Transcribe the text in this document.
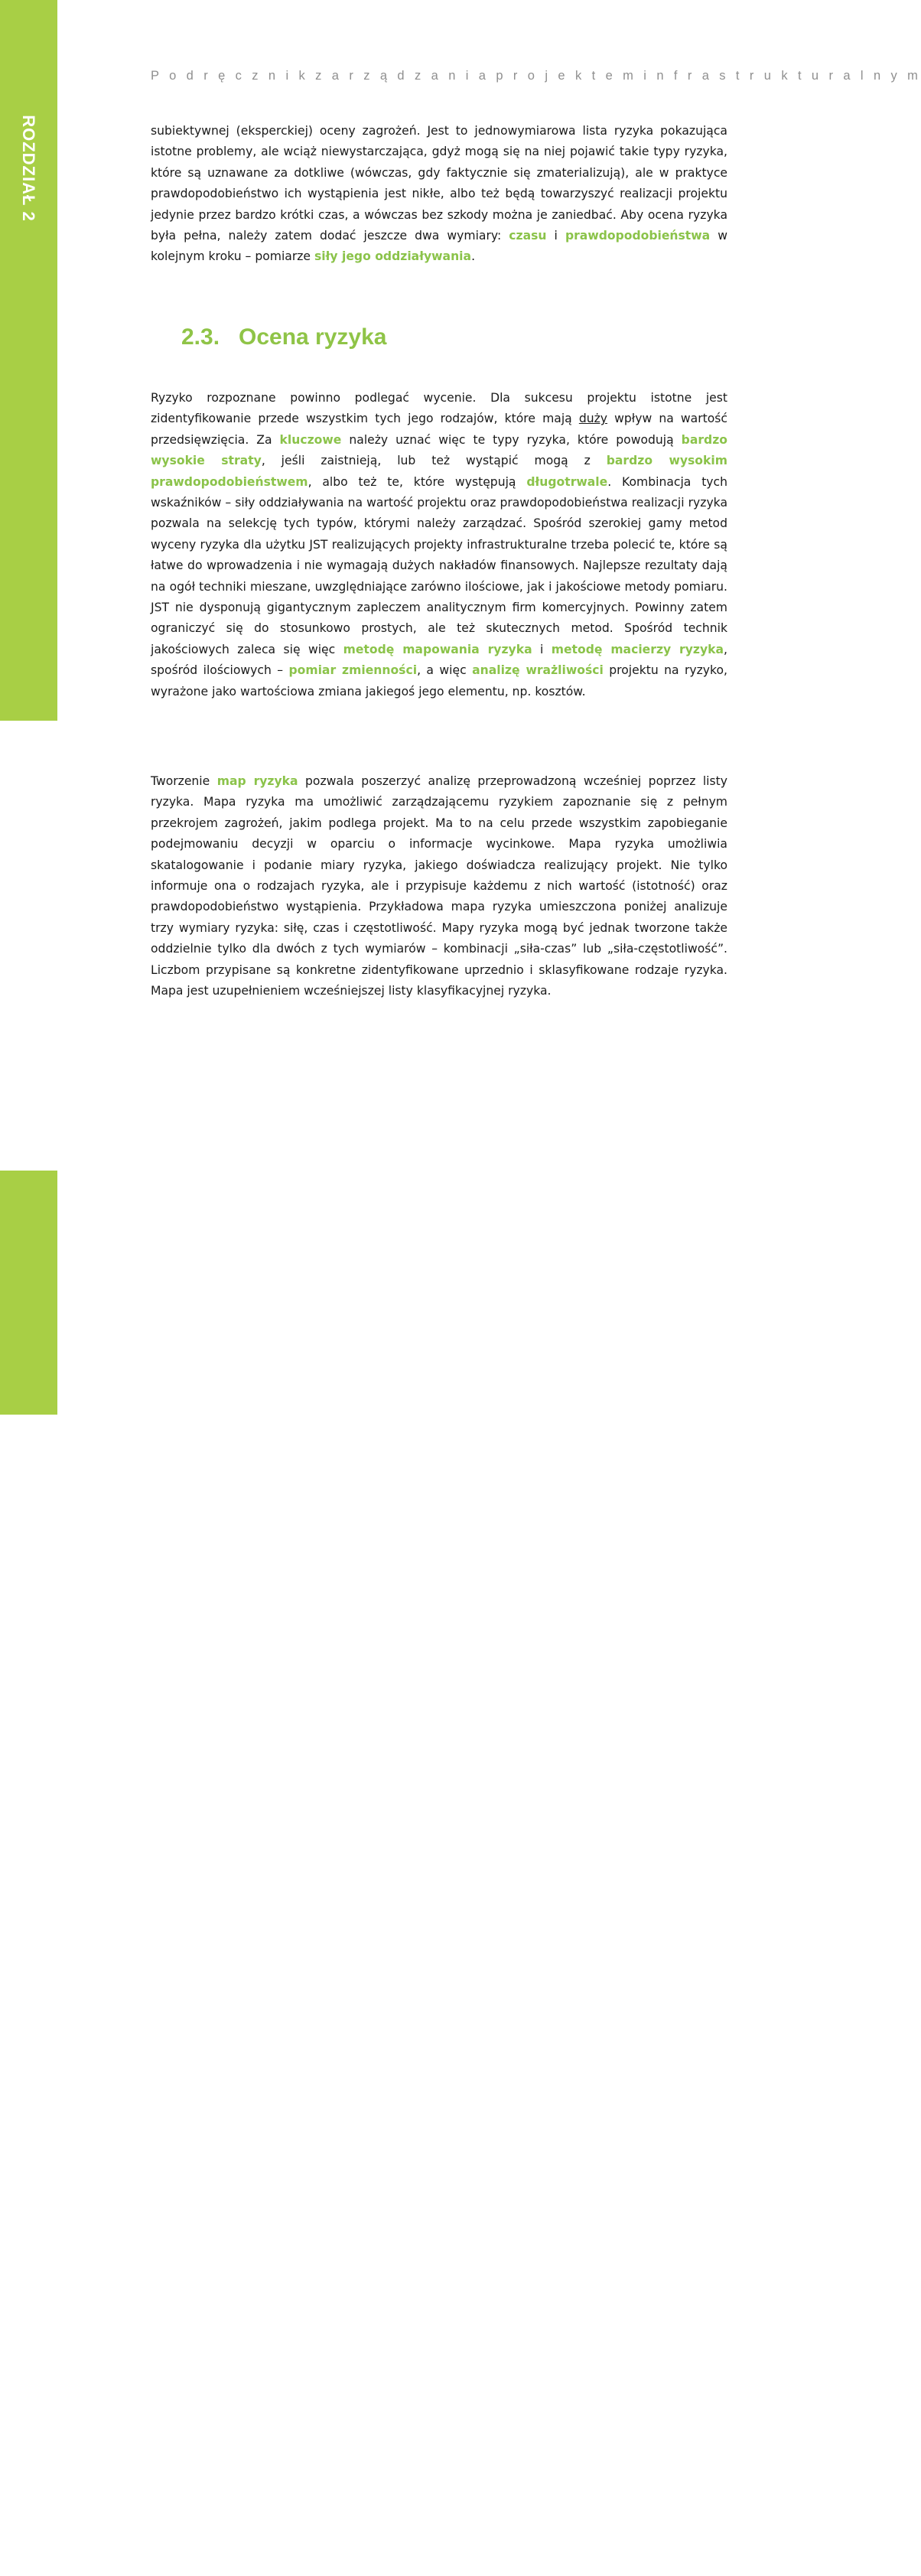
ROZDZIAŁ 2
S t r o n a
|
40
P o d r ę c z n i k z a r z ą d z a n i a p r o j e k t e m i n f r a s t r u k t u r a l n y m

subiektywnej (eksperckiej) oceny zagrożeń. Jest to jednowymiarowa lista ryzyka pokazująca istotne problemy, ale wciąż niewystarczająca, gdyż mogą się na niej pojawić takie typy ryzyka, które są uznawane za dotkliwe (wówczas, gdy faktycznie się zmaterializują), ale w praktyce prawdopodobieństwo ich wystąpienia jest nikłe, albo też będą towarzyszyć realizacji projektu jedynie przez bardzo krótki czas, a wówczas bez szkody można je zaniedbać. Aby ocena ryzyka była pełna, należy zatem dodać jeszcze dwa wymiary: czasu i prawdopodobieństwa w kolejnym kroku – pomiarze siły jego oddziaływania.

2.3. Ocena ryzyka

Ryzyko rozpoznane powinno podlegać wycenie. Dla sukcesu projektu istotne jest zidentyfikowanie przede wszystkim tych jego rodzajów, które mają duży wpływ na wartość przedsięwzięcia. Za kluczowe należy uznać więc te typy ryzyka, które powodują bardzo wysokie straty, jeśli zaistnieją, lub też wystąpić mogą z bardzo wysokim prawdopodobieństwem, albo też te, które występują długotrwale. Kombinacja tych wskaźników – siły oddziaływania na wartość projektu oraz prawdopodobieństwa realizacji ryzyka pozwala na selekcję tych typów, którymi należy zarządzać. Spośród szerokiej gamy metod wyceny ryzyka dla użytku JST realizujących projekty infrastrukturalne trzeba polecić te, które są łatwe do wprowadzenia i nie wymagają dużych nakładów finansowych. Najlepsze rezultaty dają na ogół techniki mieszane, uwzględniające zarówno ilościowe, jak i jakościowe metody pomiaru. JST nie dysponują gigantycznym zapleczem analitycznym firm komercyjnych. Powinny zatem ograniczyć się do stosunkowo prostych, ale też skutecznych metod. Spośród technik jakościowych zaleca się więc metodę mapowania ryzyka i metodę macierzy ryzyka, spośród ilościowych – pomiar zmienności, a więc analizę wrażliwości projektu na ryzyko, wyrażone jako wartościowa zmiana jakiegoś jego elementu, np. kosztów.

Tworzenie map ryzyka pozwala poszerzyć analizę przeprowadzoną wcześniej poprzez listy ryzyka. Mapa ryzyka ma umożliwić zarządzającemu ryzykiem zapoznanie się z pełnym przekrojem zagrożeń, jakim podlega projekt. Ma to na celu przede wszystkim zapobieganie podejmowaniu decyzji w oparciu o informacje wycinkowe. Mapa ryzyka umożliwia skatalogowanie i podanie miary ryzyka, jakiego doświadcza realizujący projekt. Nie tylko informuje ona o rodzajach ryzyka, ale i przypisuje każdemu z nich wartość (istotność) oraz prawdopodobieństwo wystąpienia. Przykładowa mapa ryzyka umieszczona poniżej analizuje trzy wymiary ryzyka: siłę, czas i częstotliwość. Mapy ryzyka mogą być jednak tworzone także oddzielnie tylko dla dwóch z tych wymiarów – kombinacji „siła-czas” lub „siła-częstotliwość”. Liczbom przypisane są konkretne zidentyfikowane uprzednio i sklasyfikowane rodzaje ryzyka. Mapa jest uzupełnieniem wcześniejszej listy klasyfikacyjnej ryzyka.
